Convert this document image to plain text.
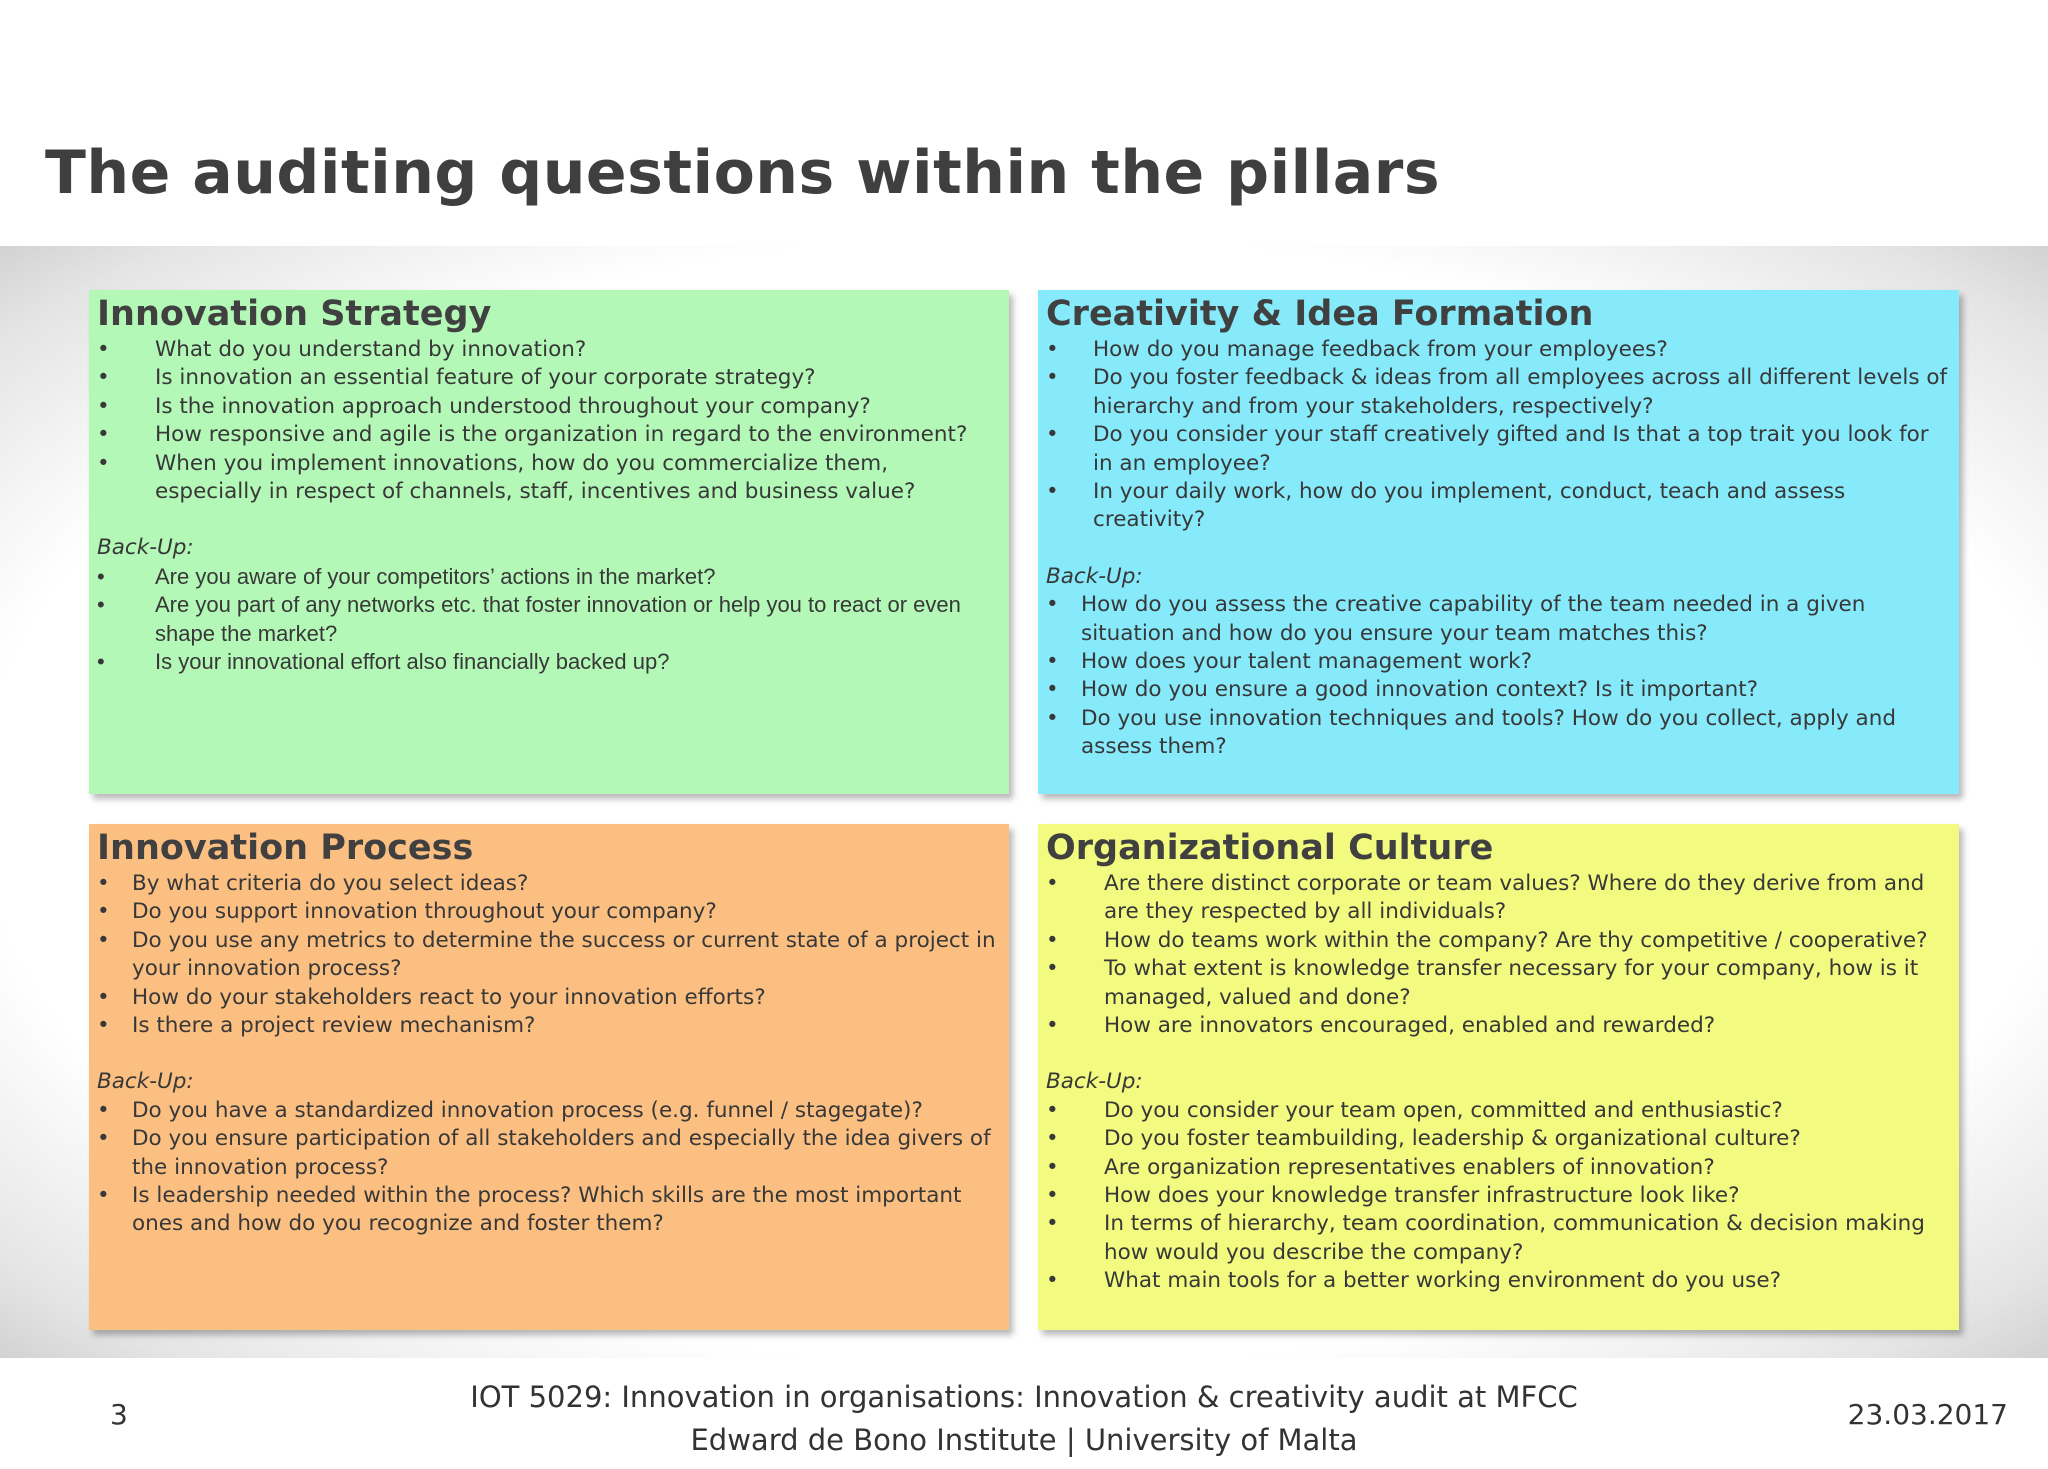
The auditing questions within the pillars
Innovation Strategy
• What do you understand by innovation?
• Is innovation an essential feature of your corporate strategy?
• Is the innovation approach understood throughout your company?
• How responsive and agile is the organization in regard to the environment?
• When you implement innovations, how do you commercialize them, especially in respect of channels, staff, incentives and business value?
Back-Up:
• Are you aware of your competitors’ actions in the market?
• Are you part of any networks etc. that foster innovation or help you to react or even shape the market?
• Is your innovational effort also financially backed up?
Creativity & Idea Formation
• How do you manage feedback from your employees?
• Do you foster feedback & ideas from all employees across all different levels of hierarchy and from your stakeholders, respectively?
• Do you consider your staff creatively gifted and Is that a top trait you look for in an employee?
• In your daily work, how do you implement, conduct, teach and assess creativity?
Back-Up:
• How do you assess the creative capability of the team needed in a given situation and how do you ensure your team matches this?
• How does your talent management work?
• How do you ensure a good innovation context? Is it important?
• Do you use innovation techniques and tools? How do you collect, apply and assess them?
Innovation Process
• By what criteria do you select ideas?
• Do you support innovation throughout your company?
• Do you use any metrics to determine the success or current state of a project in your innovation process?
• How do your stakeholders react to your innovation efforts?
• Is there a project review mechanism?
Back-Up:
• Do you have a standardized innovation process (e.g. funnel / stagegate)?
• Do you ensure participation of all stakeholders and especially the idea givers of the innovation process?
• Is leadership needed within the process? Which skills are the most important ones and how do you recognize and foster them?
Organizational Culture
• Are there distinct corporate or team values? Where do they derive from and are they respected by all individuals?
• How do teams work within the company? Are thy competitive / cooperative?
• To what extent is knowledge transfer necessary for your company, how is it managed, valued and done?
• How are innovators encouraged, enabled and rewarded?
Back-Up:
• Do you consider your team open, committed and enthusiastic?
• Do you foster teambuilding, leadership & organizational culture?
• Are organization representatives enablers of innovation?
• How does your knowledge transfer infrastructure look like?
• In terms of hierarchy, team coordination, communication & decision making how would you describe the company?
• What main tools for a better working environment do you use?
3
IOT 5029: Innovation in organisations: Innovation & creativity audit at MFCC
Edward de Bono Institute | University of Malta
23.03.2017
